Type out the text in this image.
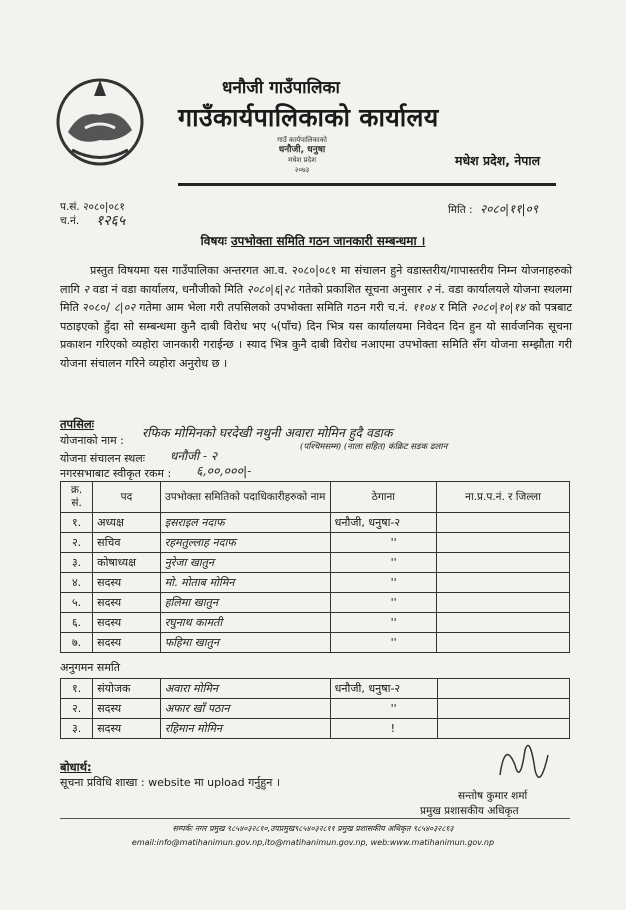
धनौजी गाउँपालिका
गाउँकार्यपालिकाको कार्यालय
गाउँ कार्यपालिकाको
धनौजी, धनुषा
मधेश प्रदेश
२०७३
मधेश प्रदेश, नेपाल
प.सं. २०८०|०८१
च.नं. १२६५
मिति : २०८०|११|०९
विषयः उपभोक्ता समिति गठन जानकारी सम्बन्धमा ।
प्रस्तुत विषयमा यस गाउँपालिका अन्तरगत आ.व. २०८०|०८१ मा संचालन हुने वडास्तरीय/गापास्तरीय निम्न योजनाहरुको लागि २ वडा नं वडा कार्यालय, धनौजीको मिति २०८०|६|२८ गतेको प्रकाशित सूचना अनुसार २ नं. वडा कार्यालयले योजना स्थलमा मिति २०८०/ ८|०२ गतेमा आम भेला गरी तपसिलको उपभोक्ता समिति गठन गरी च.नं. ११०४ र मिति २०८०|१०|१४ को पत्रबाट पठाइएको हुँदा सो सम्बन्धमा कुनै दाबी विरोध भए ५(पाँच) दिन भित्र यस कार्यालयमा निवेदन दिन हुन यो सार्वजनिक सूचना प्रकाशन गरिएको व्यहोरा जानकारी गराईन्छ । स्याद भित्र कुनै दाबी विरोध नआएमा उपभोक्ता समिति सँग योजना सम्झौता गरी योजना संचालन गरिने व्यहोरा अनुरोध छ ।
तपसिलः
योजनाको नाम :
रफिक मोमिनको घरदेखी नथुनी अवारा मोमिन हुदै वडाक
(पश्चिमसम्म) (नाला सहित) कंक्रिट सडक ढलान
योजना संचालन स्थलः धनौजी - २
नगरसभाबाट स्वीकृत रकम : ६,००,०००|-
क्र. सं.	पद	उपभोक्ता समितिको पदाधिकारीहरुको नाम	ठेगाना	ना.प्र.प.नं. र जिल्ला
१.	अध्यक्ष	इसराइल नदाफ	धनौजी, धनुषा-२	
२.	सचिव	रहमतुल्लाह नदाफ	''	
३.	कोषाध्यक्ष	नुरेजा खातुन	''	
४.	सदस्य	मो. मोताब मोमिन	''	
५.	सदस्य	हलिमा खातुन	''	
६.	सदस्य	रघुनाथ कामती	''	
७.	सदस्य	फहिमा खातुन	''	
अनुगमन समति
१.	संयोजक	अवारा मोमिन	धनौजी, धनुषा-२	
२.	सदस्य	अफार खाँ पठान	''	
३.	सदस्य	रहिमान मोमिन	!	
बोधार्थ:
सूचना प्रविधि शाखा : website मा upload गर्नुहुन ।
सन्तोष कुमार शर्मा
प्रमुख प्रशासकीय अधिकृत
सम्पर्कः नगर प्रमुख ९८५४०३२८१०,उपप्रमुख९८५४०३२८११ प्रमुख प्रशासकीय अधिकृत ९८५४०३२८१३
email:info@matihanimun.gov.np,ito@matihanimun.gov.np, web:www.matihanimun.gov.np
